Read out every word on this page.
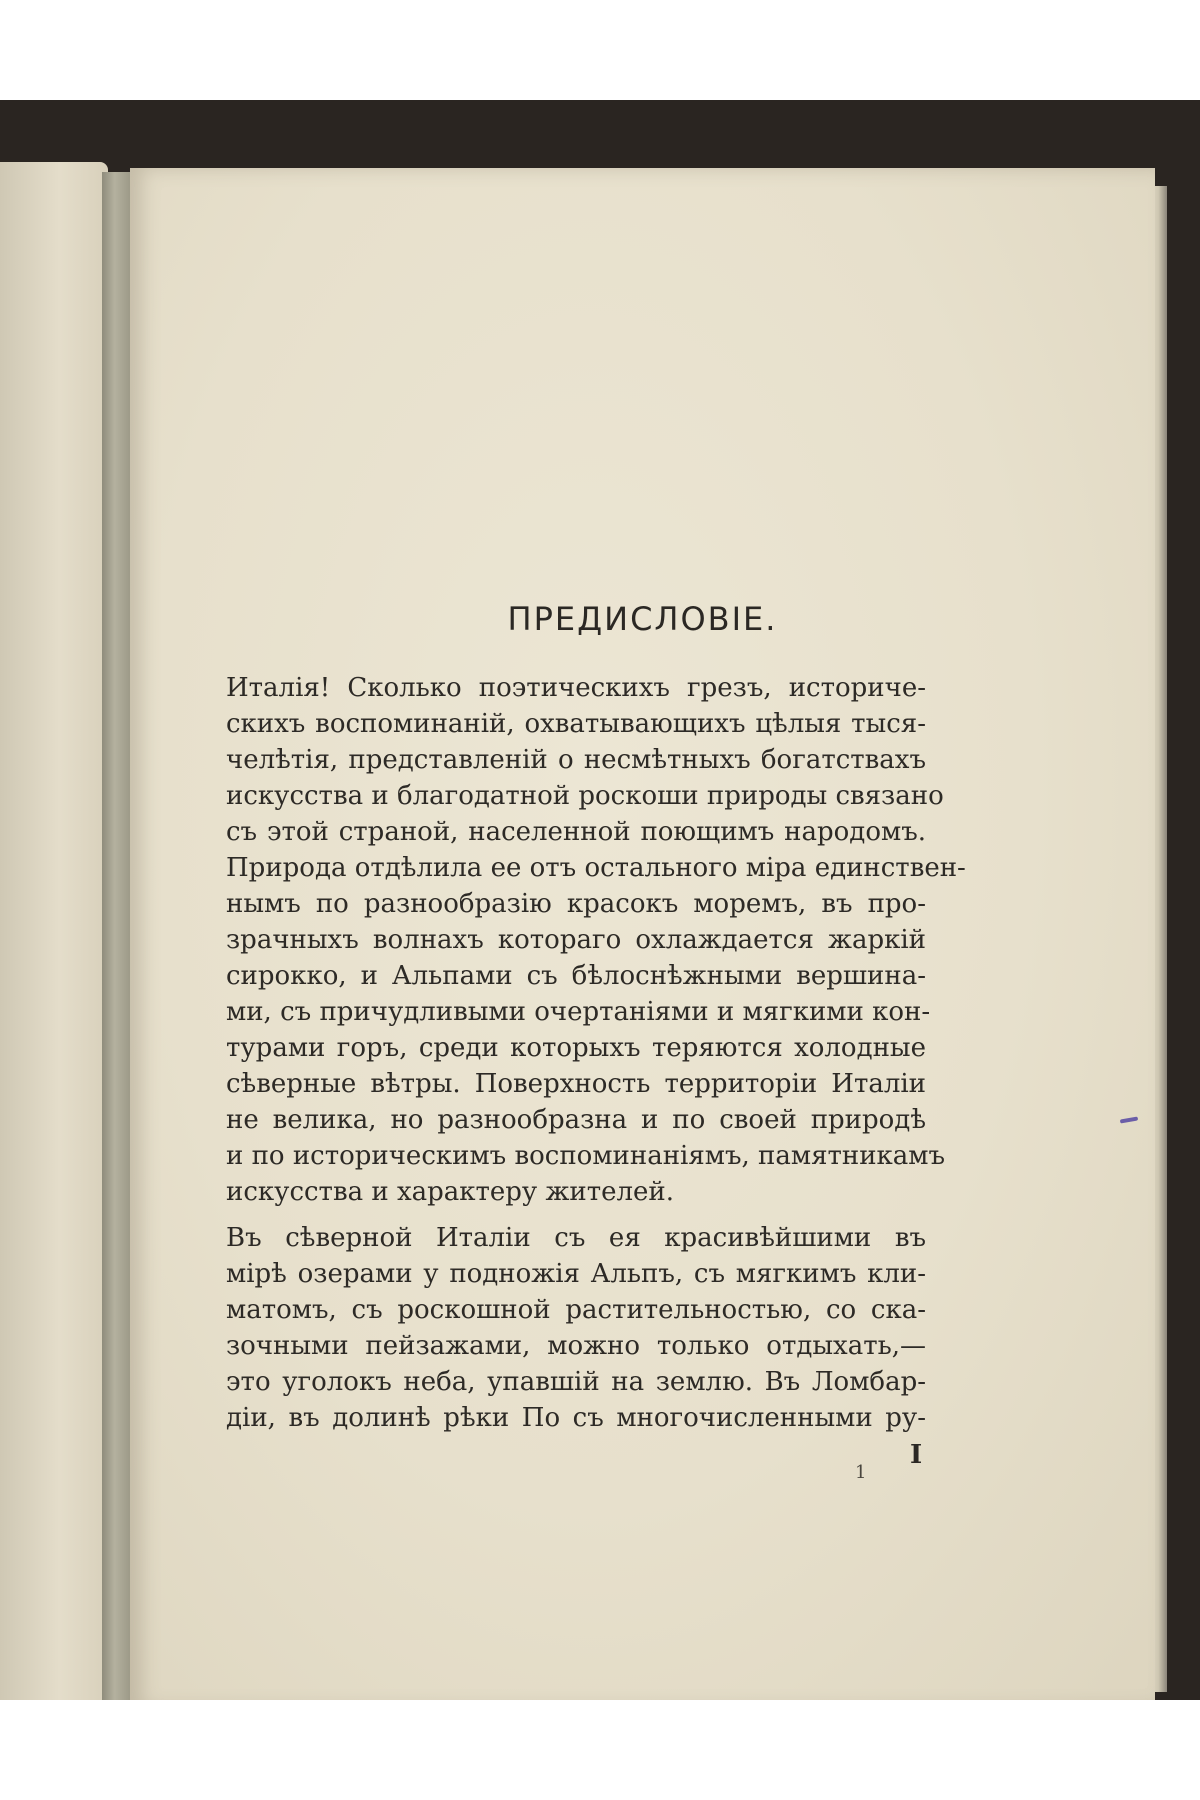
ПРЕДИСЛОВIЕ.
Италiя! Сколько поэтическихъ грезъ, историче-
скихъ воспоминанiй, охватывающихъ цѣлыя тыся-
челѣтiя, представленiй о несмѣтныхъ богатствахъ
искусства и благодатной роскоши природы связано
съ этой страной, населенной поющимъ народомъ.
Природа отдѣлила ее отъ остального мiра единствен-
нымъ по разнообразiю красокъ моремъ, въ про-
зрачныхъ волнахъ котораго охлаждается жаркiй
сирокко, и Альпами съ бѣлоснѣжными вершина-
ми, съ причудливыми очертанiями и мягкими кон-
турами горъ, среди которыхъ теряются холодные
сѣверные вѣтры. Поверхность территорiи Италiи
не велика, но разнообразна и по своей природѣ
и по историческимъ воспоминанiямъ, памятникамъ
искусства и характеру жителей.
Въ сѣверной Италiи съ ея красивѣйшими въ
мiрѣ озерами у подножiя Альпъ, съ мягкимъ кли-
матомъ, съ роскошной растительностью, со ска-
зочными пейзажами, можно только отдыхать,—
это уголокъ неба, упавшiй на землю. Въ Ломбар-
дiи, въ долинѣ рѣки По съ многочисленными ру-
I
1
